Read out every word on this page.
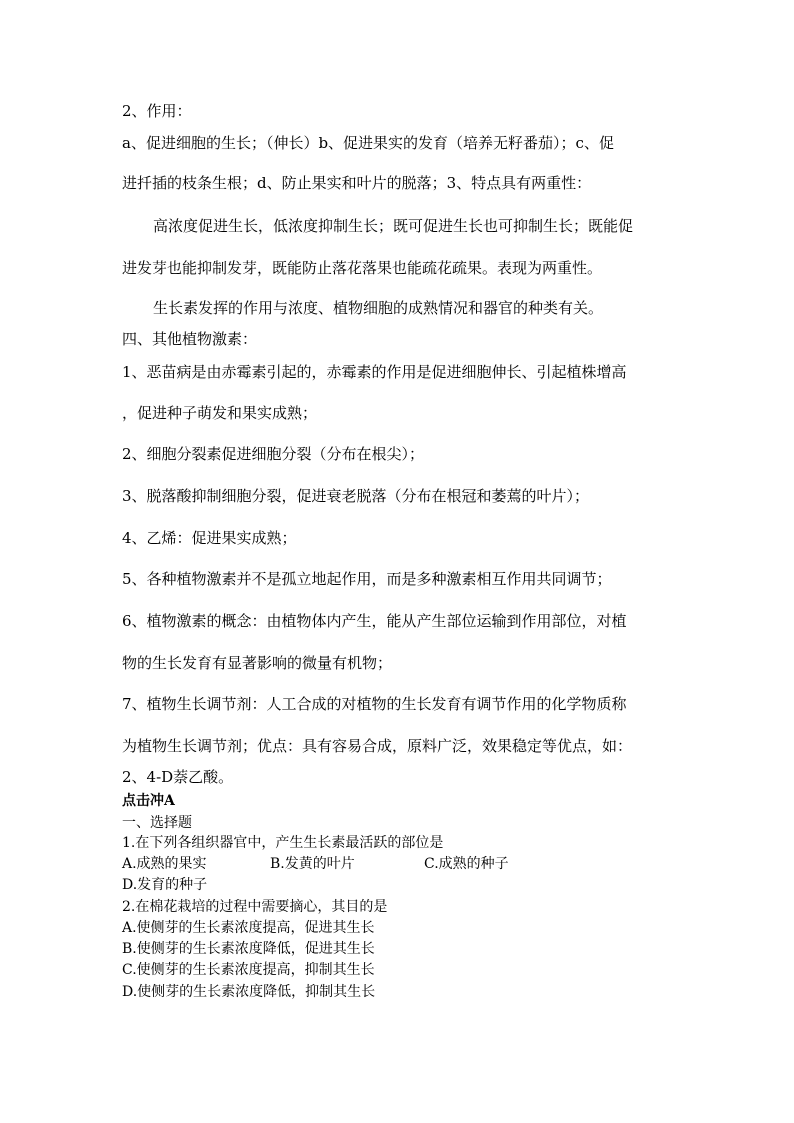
2、作用：
a、促进细胞的生长；（伸长）b、促进果实的发育（培养无籽番茄）；c、促
进扦插的枝条生根；d、防止果实和叶片的脱落；3、特点具有两重性：
高浓度促进生长，低浓度抑制生长；既可促进生长也可抑制生长；既能促
进发芽也能抑制发芽，既能防止落花落果也能疏花疏果。表现为两重性。
生长素发挥的作用与浓度、植物细胞的成熟情况和器官的种类有关。
四、其他植物激素：
1、恶苗病是由赤霉素引起的，赤霉素的作用是促进细胞伸长、引起植株增高
，促进种子萌发和果实成熟；
2、细胞分裂素促进细胞分裂（分布在根尖）；
3、脱落酸抑制细胞分裂，促进衰老脱落（分布在根冠和萎蔫的叶片）；
4、乙烯：促进果实成熟；
5、各种植物激素并不是孤立地起作用，而是多种激素相互作用共同调节；
6、植物激素的概念：由植物体内产生，能从产生部位运输到作用部位，对植
物的生长发育有显著影响的微量有机物；
7、植物生长调节剂：人工合成的对植物的生长发育有调节作用的化学物质称
为植物生长调节剂；优点：具有容易合成，原料广泛，效果稳定等优点，如：
2、4-D萘乙酸。
点击冲A
一、选择题
1.在下列各组织器官中，产生生长素最活跃的部位是
A.成熟的果实	B.发黄的叶片	C.成熟的种子
D.发育的种子
2.在棉花栽培的过程中需要摘心，其目的是
A.使侧芽的生长素浓度提高，促进其生长
B.使侧芽的生长素浓度降低，促进其生长
C.使侧芽的生长素浓度提高，抑制其生长
D.使侧芽的生长素浓度降低，抑制其生长
